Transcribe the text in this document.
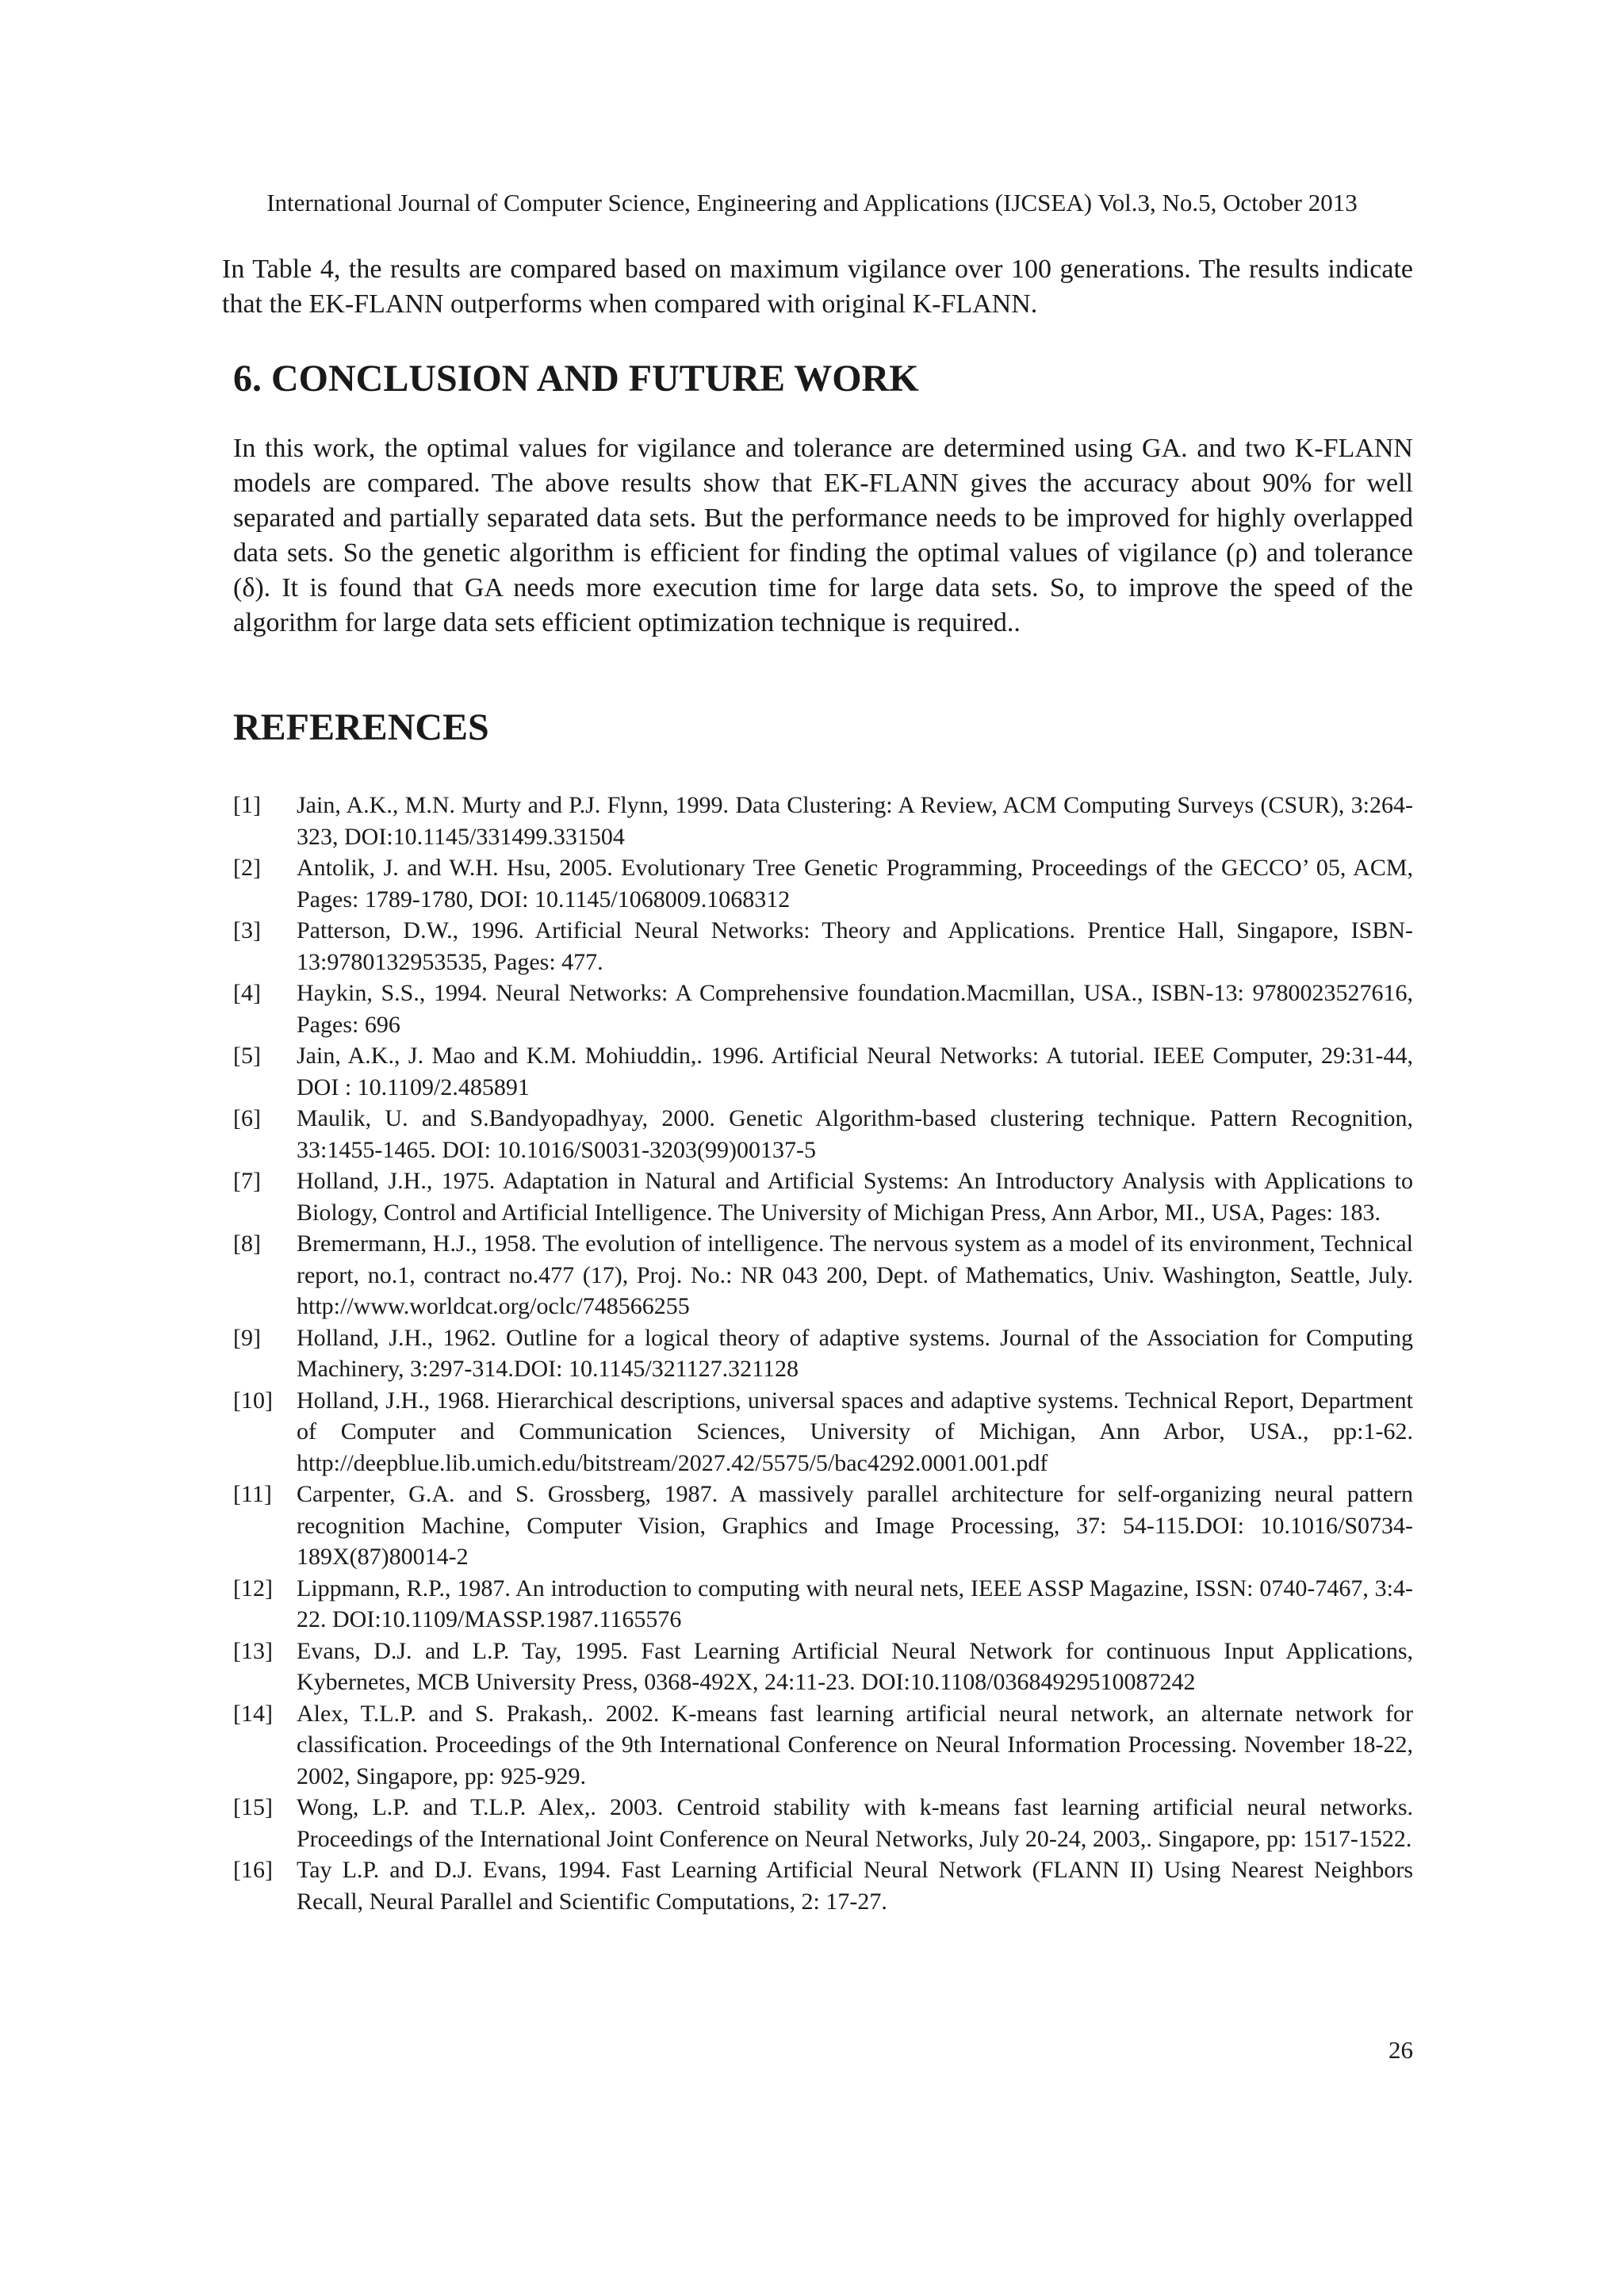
International Journal of Computer Science, Engineering and Applications (IJCSEA) Vol.3, No.5, October 2013

In Table 4, the results are compared based on maximum vigilance over 100 generations. The results indicate that the EK-FLANN outperforms when compared with original K-FLANN.

6. CONCLUSION AND FUTURE WORK

In this work, the optimal values for vigilance and tolerance are determined using GA. and two K-FLANN models are compared. The above results show that EK-FLANN gives the accuracy about 90% for well separated and partially separated data sets. But the performance needs to be improved for highly overlapped data sets. So the genetic algorithm is efficient for finding the optimal values of vigilance (ρ) and tolerance (δ). It is found that GA needs more execution time for large data sets. So, to improve the speed of the algorithm for large data sets efficient optimization technique is required..

REFERENCES
[1] Jain, A.K., M.N. Murty and P.J. Flynn, 1999. Data Clustering: A Review, ACM Computing Surveys (CSUR), 3:264-323, DOI:10.1145/331499.331504
[2] Antolik, J. and W.H. Hsu, 2005. Evolutionary Tree Genetic Programming, Proceedings of the GECCO’ 05, ACM, Pages: 1789-1780, DOI: 10.1145/1068009.1068312
[3] Patterson, D.W., 1996. Artificial Neural Networks: Theory and Applications. Prentice Hall, Singapore, ISBN- 13:9780132953535, Pages: 477.
[4] Haykin, S.S., 1994. Neural Networks: A Comprehensive foundation.Macmillan, USA., ISBN-13: 9780023527616, Pages: 696
[5] Jain, A.K., J. Mao and K.M. Mohiuddin,. 1996. Artificial Neural Networks: A tutorial. IEEE Computer, 29:31-44, DOI : 10.1109/2.485891
[6] Maulik, U. and S.Bandyopadhyay, 2000. Genetic Algorithm-based clustering technique. Pattern Recognition,             33:1455-1465. DOI: 10.1016/S0031-3203(99)00137-5
[7] Holland, J.H., 1975. Adaptation in Natural and Artificial Systems: An Introductory Analysis with Applications to Biology, Control and Artificial Intelligence. The University of Michigan Press, Ann Arbor, MI., USA, Pages: 183.
[8] Bremermann, H.J., 1958. The evolution of intelligence. The nervous system as a model of its environment, Technical report, no.1, contract no.477 (17), Proj. No.: NR 043 200, Dept. of Mathematics, Univ. Washington, Seattle, July. http://www.worldcat.org/oclc/748566255
[9] Holland, J.H., 1962. Outline for a logical theory of adaptive systems. Journal of the Association for Computing Machinery, 3:297-314.DOI: 10.1145/321127.321128
[10] Holland, J.H., 1968. Hierarchical descriptions, universal spaces and adaptive systems. Technical Report, Department of Computer and Communication Sciences, University of Michigan, Ann Arbor, USA., pp:1-62. http://deepblue.lib.umich.edu/bitstream/2027.42/5575/5/bac4292.0001.001.pdf
[11] Carpenter, G.A. and S. Grossberg, 1987. A massively parallel architecture for self-organizing neural pattern recognition Machine, Computer Vision, Graphics and Image Processing, 37: 54-115.DOI: 10.1016/S0734-189X(87)80014-2
[12] Lippmann, R.P., 1987. An introduction to computing with neural nets, IEEE ASSP Magazine, ISSN: 0740-7467, 3:4-22. DOI:10.1109/MASSP.1987.1165576
[13] Evans, D.J. and L.P. Tay, 1995. Fast Learning Artificial Neural Network for continuous Input Applications, Kybernetes, MCB University Press, 0368-492X, 24:11-23. DOI:10.1108/03684929510087242
[14] Alex, T.L.P. and S. Prakash,. 2002. K-means fast learning artificial neural network, an alternate network for classification. Proceedings of the 9th International Conference on Neural Information Processing. November 18-22, 2002, Singapore, pp: 925-929.
[15] Wong, L.P. and T.L.P. Alex,. 2003. Centroid stability with k-means fast learning artificial neural networks. Proceedings of the International Joint Conference on Neural Networks, July 20-24, 2003,. Singapore, pp: 1517-1522.
[16] Tay L.P. and D.J. Evans, 1994. Fast Learning Artificial Neural Network (FLANN II) Using Nearest Neighbors Recall, Neural Parallel and Scientific Computations, 2: 17-27.
26
